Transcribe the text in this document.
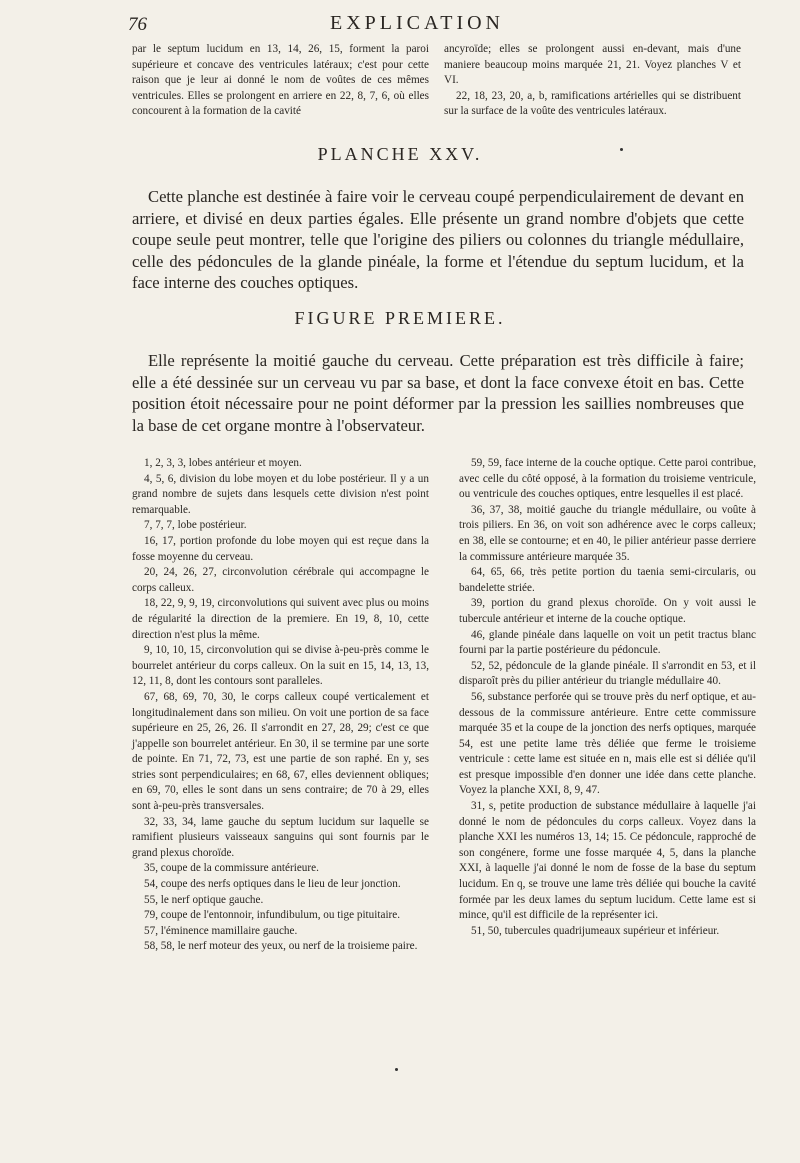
76	EXPLICATION

par le septum lucidum en 13, 14, 26, 15, forment la paroi supérieure et concave des ventricules latéraux; c'est pour cette raison que je leur ai donné le nom de voûtes de ces mêmes ventricules. Elles se prolongent en arriere en 22, 8, 7, 6, où elles concourent à la formation de la cavité

ancyroïde; elles se prolongent aussi en-devant, mais d'une maniere beaucoup moins marquée 21, 21. Voyez planches V et VI.

22, 18, 23, 20, a, b, ramifications artérielles qui se distribuent sur la surface de la voûte des ventricules latéraux.

PLANCHE XXV.
Cette planche est destinée à faire voir le cerveau coupé perpendiculairement de devant en arriere, et divisé en deux parties égales. Elle présente un grand nombre d'objets que cette coupe seule peut montrer, telle que l'origine des piliers ou colonnes du triangle médullaire, celle des pédoncules de la glande pinéale, la forme et l'étendue du septum lucidum, et la face interne des couches optiques.
FIGURE PREMIERE.
Elle représente la moitié gauche du cerveau. Cette préparation est très difficile à faire; elle a été dessinée sur un cerveau vu par sa base, et dont la face convexe étoit en bas. Cette position étoit nécessaire pour ne point déformer par la pression les saillies nombreuses que la base de cet organe montre à l'observateur.

1, 2, 3, 3, lobes antérieur et moyen.

4, 5, 6, division du lobe moyen et du lobe postérieur. Il y a un grand nombre de sujets dans lesquels cette division n'est point remarquable.

7, 7, 7, lobe postérieur.

16, 17, portion profonde du lobe moyen qui est reçue dans la fosse moyenne du cerveau.

20, 24, 26, 27, circonvolution cérébrale qui accompagne le corps calleux.

18, 22, 9, 9, 19, circonvolutions qui suivent avec plus ou moins de régularité la direction de la premiere. En 19, 8, 10, cette direction n'est plus la même.

9, 10, 10, 15, circonvolution qui se divise à-peu-près comme le bourrelet antérieur du corps calleux. On la suit en 15, 14, 13, 13, 12, 11, 8, dont les contours sont paralleles.

67, 68, 69, 70, 30, le corps calleux coupé verticalement et longitudinalement dans son milieu. On voit une portion de sa face supérieure en 25, 26, 26. Il s'arrondit en 27, 28, 29; c'est ce que j'appelle son bourrelet antérieur. En 30, il se termine par une sorte de pointe. En 71, 72, 73, est une partie de son raphé. En y, ses stries sont perpendiculaires; en 68, 67, elles deviennent obliques; en 69, 70, elles le sont dans un sens contraire; de 70 à 29, elles sont à-peu-près transversales.

32, 33, 34, lame gauche du septum lucidum sur laquelle se ramifient plusieurs vaisseaux sanguins qui sont fournis par le grand plexus choroïde.

35, coupe de la commissure antérieure.

54, coupe des nerfs optiques dans le lieu de leur jonction.

55, le nerf optique gauche.

79, coupe de l'entonnoir, infundibulum, ou tige pituitaire.

57, l'éminence mamillaire gauche.

58, 58, le nerf moteur des yeux, ou nerf de la troisieme paire.

59, 59, face interne de la couche optique. Cette paroi contribue, avec celle du côté opposé, à la formation du troisieme ventricule, ou ventricule des couches optiques, entre lesquelles il est placé.

36, 37, 38, moitié gauche du triangle médullaire, ou voûte à trois piliers. En 36, on voit son adhérence avec le corps calleux; en 38, elle se contourne; et en 40, le pilier antérieur passe derriere la commissure antérieure marquée 35.

64, 65, 66, très petite portion du taenia semi-circularis, ou bandelette striée.

39, portion du grand plexus choroïde. On y voit aussi le tubercule antérieur et interne de la couche optique.

46, glande pinéale dans laquelle on voit un petit tractus blanc fourni par la partie postérieure du pédoncule.

52, 52, pédoncule de la glande pinéale. Il s'arrondit en 53, et il disparoît près du pilier antérieur du triangle médullaire 40.

56, substance perforée qui se trouve près du nerf optique, et au-dessous de la commissure antérieure. Entre cette commissure marquée 35 et la coupe de la jonction des nerfs optiques, marquée 54, est une petite lame très déliée que ferme le troisieme ventricule : cette lame est située en n, mais elle est si déliée qu'il est presque impossible d'en donner une idée dans cette planche. Voyez la planche XXI, 8, 9, 47.

31, s, petite production de substance médullaire à laquelle j'ai donné le nom de pédoncules du corps calleux. Voyez dans la planche XXI les numéros 13, 14; 15. Ce pédoncule, rapproché de son congénere, forme une fosse marquée 4, 5, dans la planche XXI, à laquelle j'ai donné le nom de fosse de la base du septum lucidum. En q, se trouve une lame très déliée qui bouche la cavité formée par les deux lames du septum lucidum. Cette lame est si mince, qu'il est difficile de la représenter ici.

51, 50, tubercules quadrijumeaux supérieur et inférieur.
